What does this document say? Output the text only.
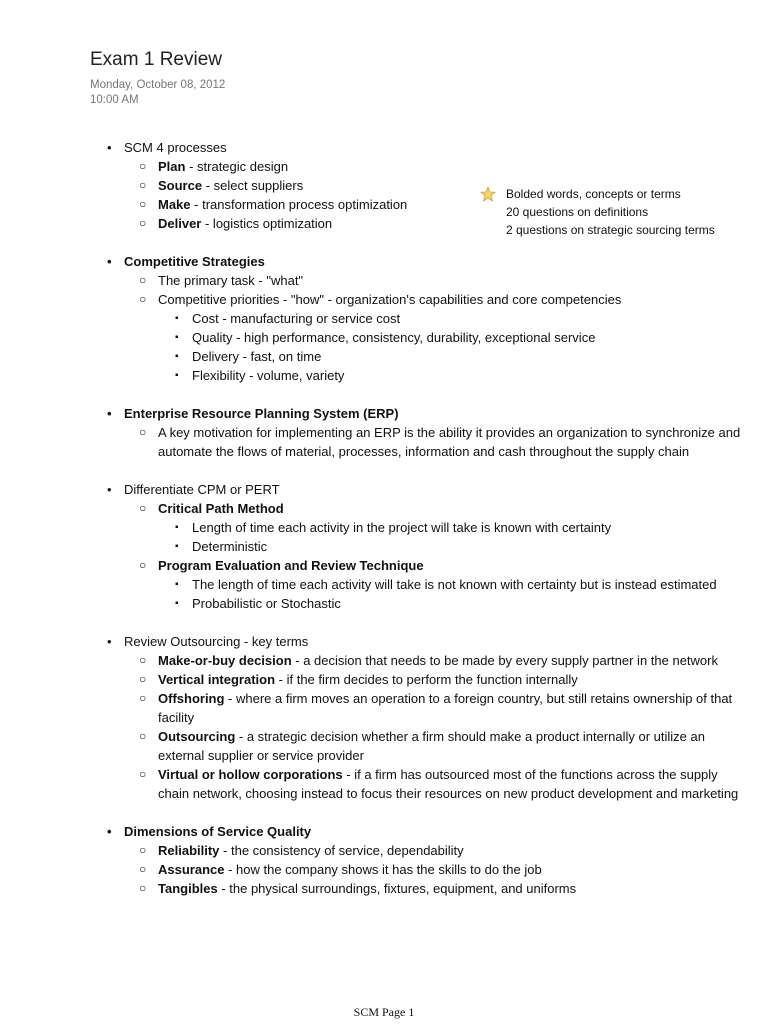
Exam 1 Review
Monday, October 08, 2012
10:00 AM
Bolded words, concepts or terms
20 questions on definitions
2 questions on strategic sourcing terms
• SCM 4 processes
○ Plan - strategic design
○ Source - select suppliers
○ Make - transformation process optimization
○ Deliver - logistics optimization
• Competitive Strategies
○ The primary task - "what"
○ Competitive priorities - "how" - organization's capabilities and core competencies
▪ Cost - manufacturing or service cost
▪ Quality - high performance, consistency, durability, exceptional service
▪ Delivery - fast, on time
▪ Flexibility - volume, variety
• Enterprise Resource Planning System (ERP)
○ A key motivation for implementing an ERP is the ability it provides an organization to synchronize and automate the flows of material, processes, information and cash throughout the supply chain
• Differentiate CPM or PERT
○ Critical Path Method
▪ Length of time each activity in the project will take is known with certainty
▪ Deterministic
○ Program Evaluation and Review Technique
▪ The length of time each activity will take is not known with certainty but is instead estimated
▪ Probabilistic or Stochastic
• Review Outsourcing - key terms
○ Make-or-buy decision - a decision that needs to be made by every supply partner in the network
○ Vertical integration - if the firm decides to perform the function internally
○ Offshoring - where a firm moves an operation to a foreign country, but still retains ownership of that facility
○ Outsourcing - a strategic decision whether a firm should make a product internally or utilize an external supplier or service provider
○ Virtual or hollow corporations - if a firm has outsourced most of the functions across the supply chain network, choosing instead to focus their resources on new product development and marketing
• Dimensions of Service Quality
○ Reliability - the consistency of service, dependability
○ Assurance - how the company shows it has the skills to do the job
○ Tangibles - the physical surroundings, fixtures, equipment, and uniforms
SCM Page 1
